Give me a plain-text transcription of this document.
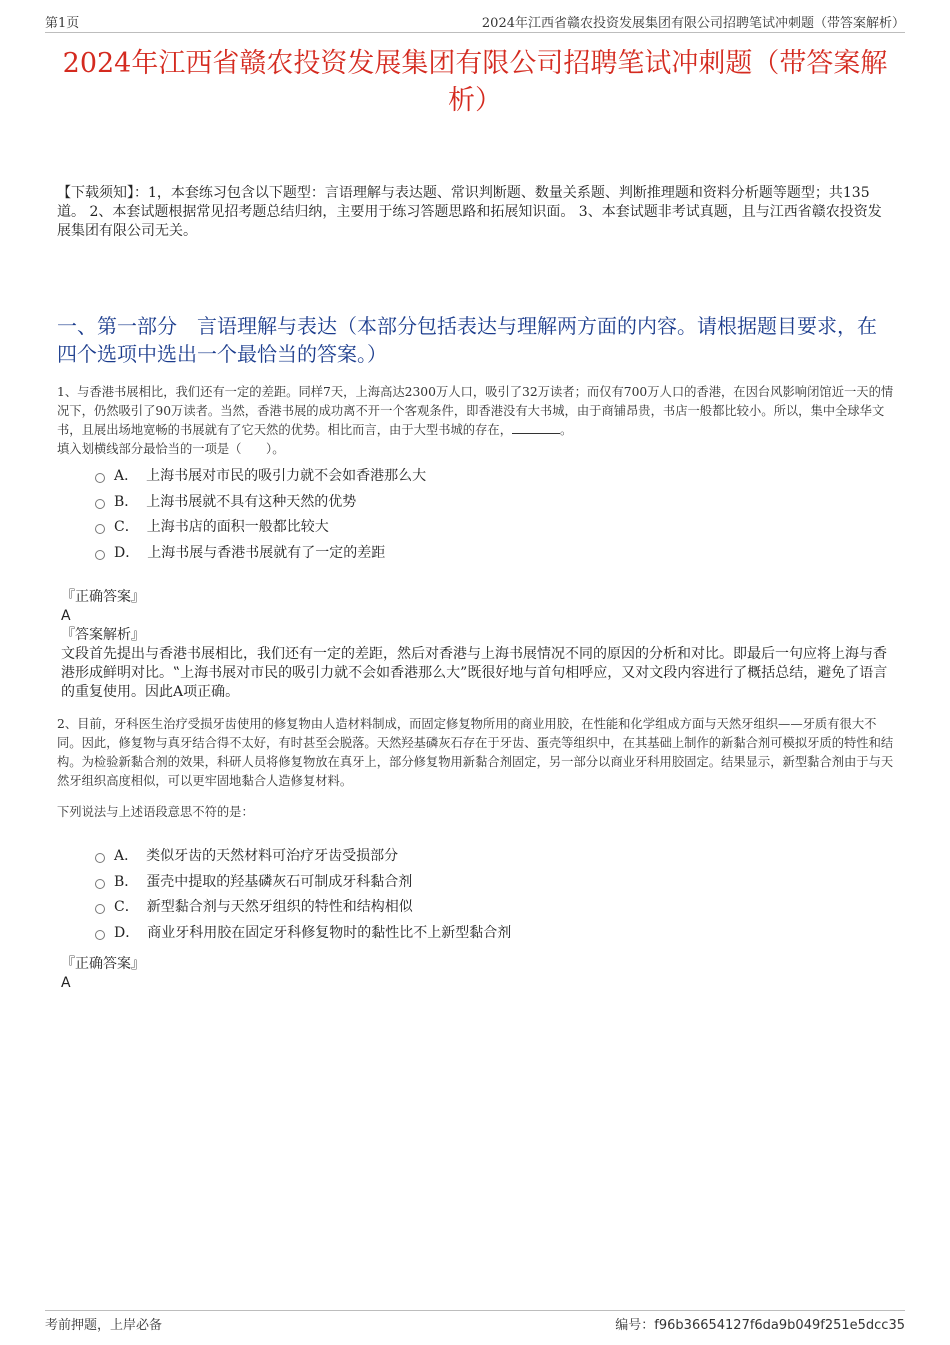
第1页	2024年江西省赣农投资发展集团有限公司招聘笔试冲刺题（带答案解析）
2024年江西省赣农投资发展集团有限公司招聘笔试冲刺题（带答案解析）
【下载须知】：1，本套练习包含以下题型：言语理解与表达题、常识判断题、数量关系题、判断推理题和资料分析题等题型；共135道。 2、本套试题根据常见招考题总结归纳，主要用于练习答题思路和拓展知识面。 3、本套试题非考试真题，且与江西省赣农投资发展集团有限公司无关。
一、第一部分　言语理解与表达（本部分包括表达与理解两方面的内容。请根据题目要求，在四个选项中选出一个最恰当的答案。）

1、与香港书展相比，我们还有一定的差距。同样7天，上海高达2300万人口，吸引了32万读者；而仅有700万人口的香港，在因台风影响闭馆近一天的情况下，仍然吸引了90万读者。当然，香港书展的成功离不开一个客观条件，即香港没有大书城，由于商铺昂贵，书店一般都比较小。所以，集中全球华文书，且展出场地宽畅的书展就有了它天然的优势。相比而言，由于大型书城的存在，	。

填入划横线部分最恰当的一项是（　　）。

A． 上海书展对市民的吸引力就不会如香港那么大
B． 上海书展就不具有这种天然的优势
C． 上海书店的面积一般都比较大
D． 上海书展与香港书展就有了一定的差距

『正确答案』

A

『答案解析』

文段首先提出与香港书展相比，我们还有一定的差距，然后对香港与上海书展情况不同的原因的分析和对比。即最后一句应将上海与香港形成鲜明对比。‟上海书展对市民的吸引力就不会如香港那么大”既很好地与首句相呼应，又对文段内容进行了概括总结，避免了语言的重复使用。因此A项正确。

2、目前，牙科医生治疗受损牙齿使用的修复物由人造材料制成，而固定修复物所用的商业用胶，在性能和化学组成方面与天然牙组织——牙质有很大不同。因此，修复物与真牙结合得不太好，有时甚至会脱落。天然羟基磷灰石存在于牙齿、蛋壳等组织中，在其基础上制作的新黏合剂可模拟牙质的特性和结构。为检验新黏合剂的效果，科研人员将修复物放在真牙上，部分修复物用新黏合剂固定，另一部分以商业牙科用胶固定。结果显示，新型黏合剂由于与天然牙组织高度相似，可以更牢固地黏合人造修复材料。

下列说法与上述语段意思不符的是：

A． 类似牙齿的天然材料可治疗牙齿受损部分
B． 蛋壳中提取的羟基磷灰石可制成牙科黏合剂
C． 新型黏合剂与天然牙组织的特性和结构相似
D． 商业牙科用胶在固定牙科修复物时的黏性比不上新型黏合剂

『正确答案』

A

考前押题，上岸必备	编号：f96b36654127f6da9b049f251e5dcc35
